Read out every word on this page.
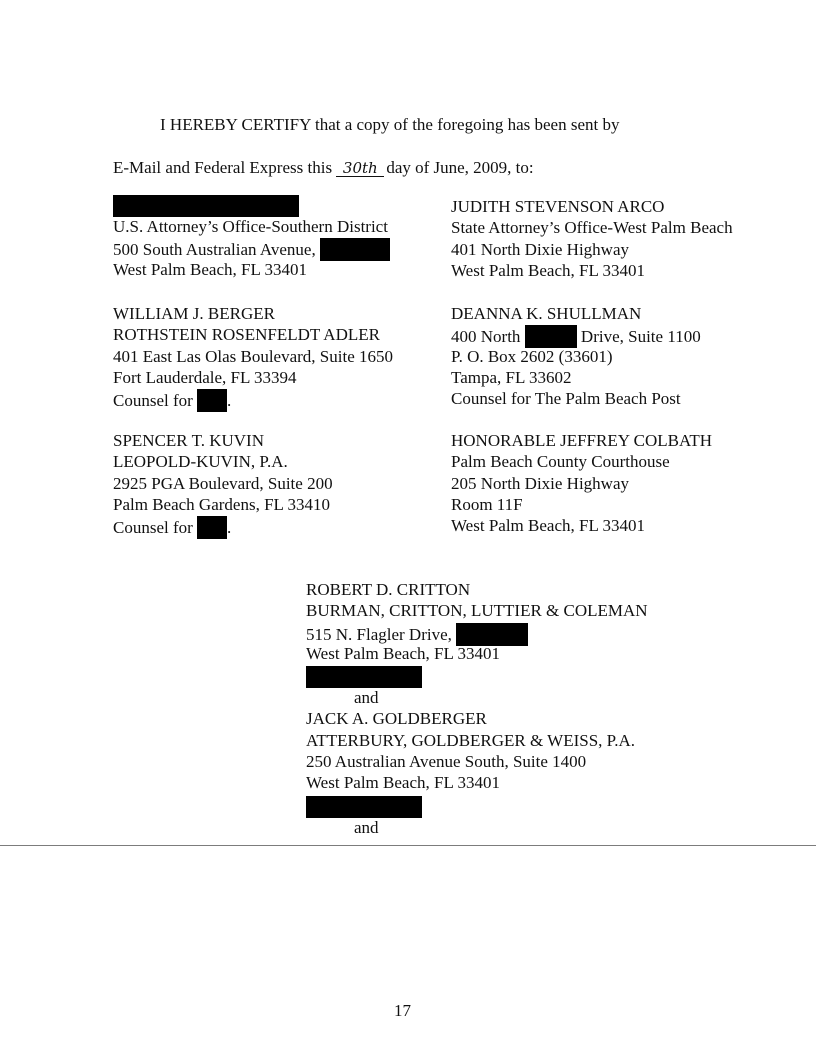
I HEREBY CERTIFY that a copy of the foregoing has been sent by
E-Mail and Federal Express this 30th day of June, 2009, to:
U.S. Attorney’s Office-Southern District
500 South Australian Avenue,
West Palm Beach, FL 33401
WILLIAM J. BERGER
ROTHSTEIN ROSENFELDT ADLER
401 East Las Olas Boulevard, Suite 1650
Fort Lauderdale, FL 33394
Counsel for .
SPENCER T. KUVIN
LEOPOLD-KUVIN, P.A.
2925 PGA Boulevard, Suite 200
Palm Beach Gardens, FL 33410
Counsel for .
JUDITH STEVENSON ARCO
State Attorney’s Office-West Palm Beach
401 North Dixie Highway
West Palm Beach, FL 33401
DEANNA K. SHULLMAN
400 North	Drive, Suite 1100
P. O. Box 2602 (33601)
Tampa, FL 33602
Counsel for The Palm Beach Post
HONORABLE JEFFREY COLBATH
Palm Beach County Courthouse
205 North Dixie Highway
Room 11F
West Palm Beach, FL 33401
ROBERT D. CRITTON
BURMAN, CRITTON, LUTTIER & COLEMAN
515 N. Flagler Drive,
West Palm Beach, FL 33401
and
JACK A. GOLDBERGER
ATTERBURY, GOLDBERGER & WEISS, P.A.
250 Australian Avenue South, Suite 1400
West Palm Beach, FL 33401
and
17
